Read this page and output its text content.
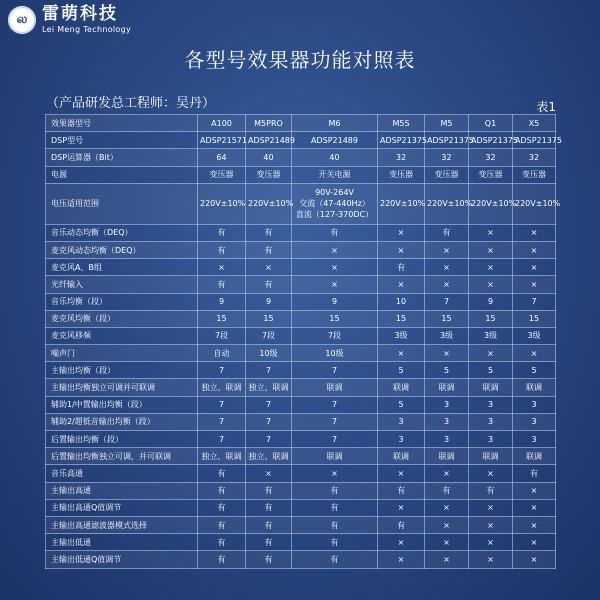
ல 雷萌科技
Lei Meng Technology
各型号效果器功能对照表
（产品研发总工程师：吴丹）	表1
效果器型号	A100	M5PRO	M6	M5S	M5	Q1	X5
DSP型号	ADSP21571	ADSP21489	ADSP21489	ADSP21375	ADSP21375	ADSP21375	ADSP21375
DSP运算器（Bit）	64	40	40	32	32	32	32
电源	变压器	变压器	开关电源	变压器	变压器	变压器	变压器
电压适用范围	220V±10%	220V±10%	90V-264V
交流（47-440Hz）
直流（127-370DC）	220V±10%	220V±10%	220V±10%	220V±10%
音乐动态均衡（DEQ）	有	有	有	×	有	×	×
麦克风动态均衡（DEQ）	有	有	×	×	×	×	×
麦克风A、B组	×	×	×	有	×	×	×
光纤输入	有	有	×	×	×	×	×
音乐均衡（段）	9	9	9	10	7	9	7
麦克风均衡（段）	15	15	15	15	15	15	15
麦克风移频	7段	7段	7段	3级	3级	3级	3级
噪声门	自动	10级	10级	×	×	×	×
主输出均衡（段）	7	7	7	5	5	5	5
主输出均衡独立可调并可联调	独立、联调	独立、联调	联调	联调	联调	联调	联调
辅助1/中置输出均衡（段）	7	7	7	5	3	3	3
辅助2/超低音输出均衡（段）	7	7	7	3	3	3	3
后置输出均衡（段）	7	7	7	3	3	3	3
后置输出均衡独立可调，并可联调	独立、联调	独立、联调	联调	联调	联调	联调	联调
音乐高通	有	×	×	×	×	×	有
主输出高通	有	有	有	有	有	有	×
主输出高通Q值调节	有	有	有	×	×	×	×
主输出高通滤波器模式选择	有	有	有	有	×	×	×
主输出低通	有	有	有	×	×	×	×
主输出低通Q值调节	有	有	有	×	×	×	×
